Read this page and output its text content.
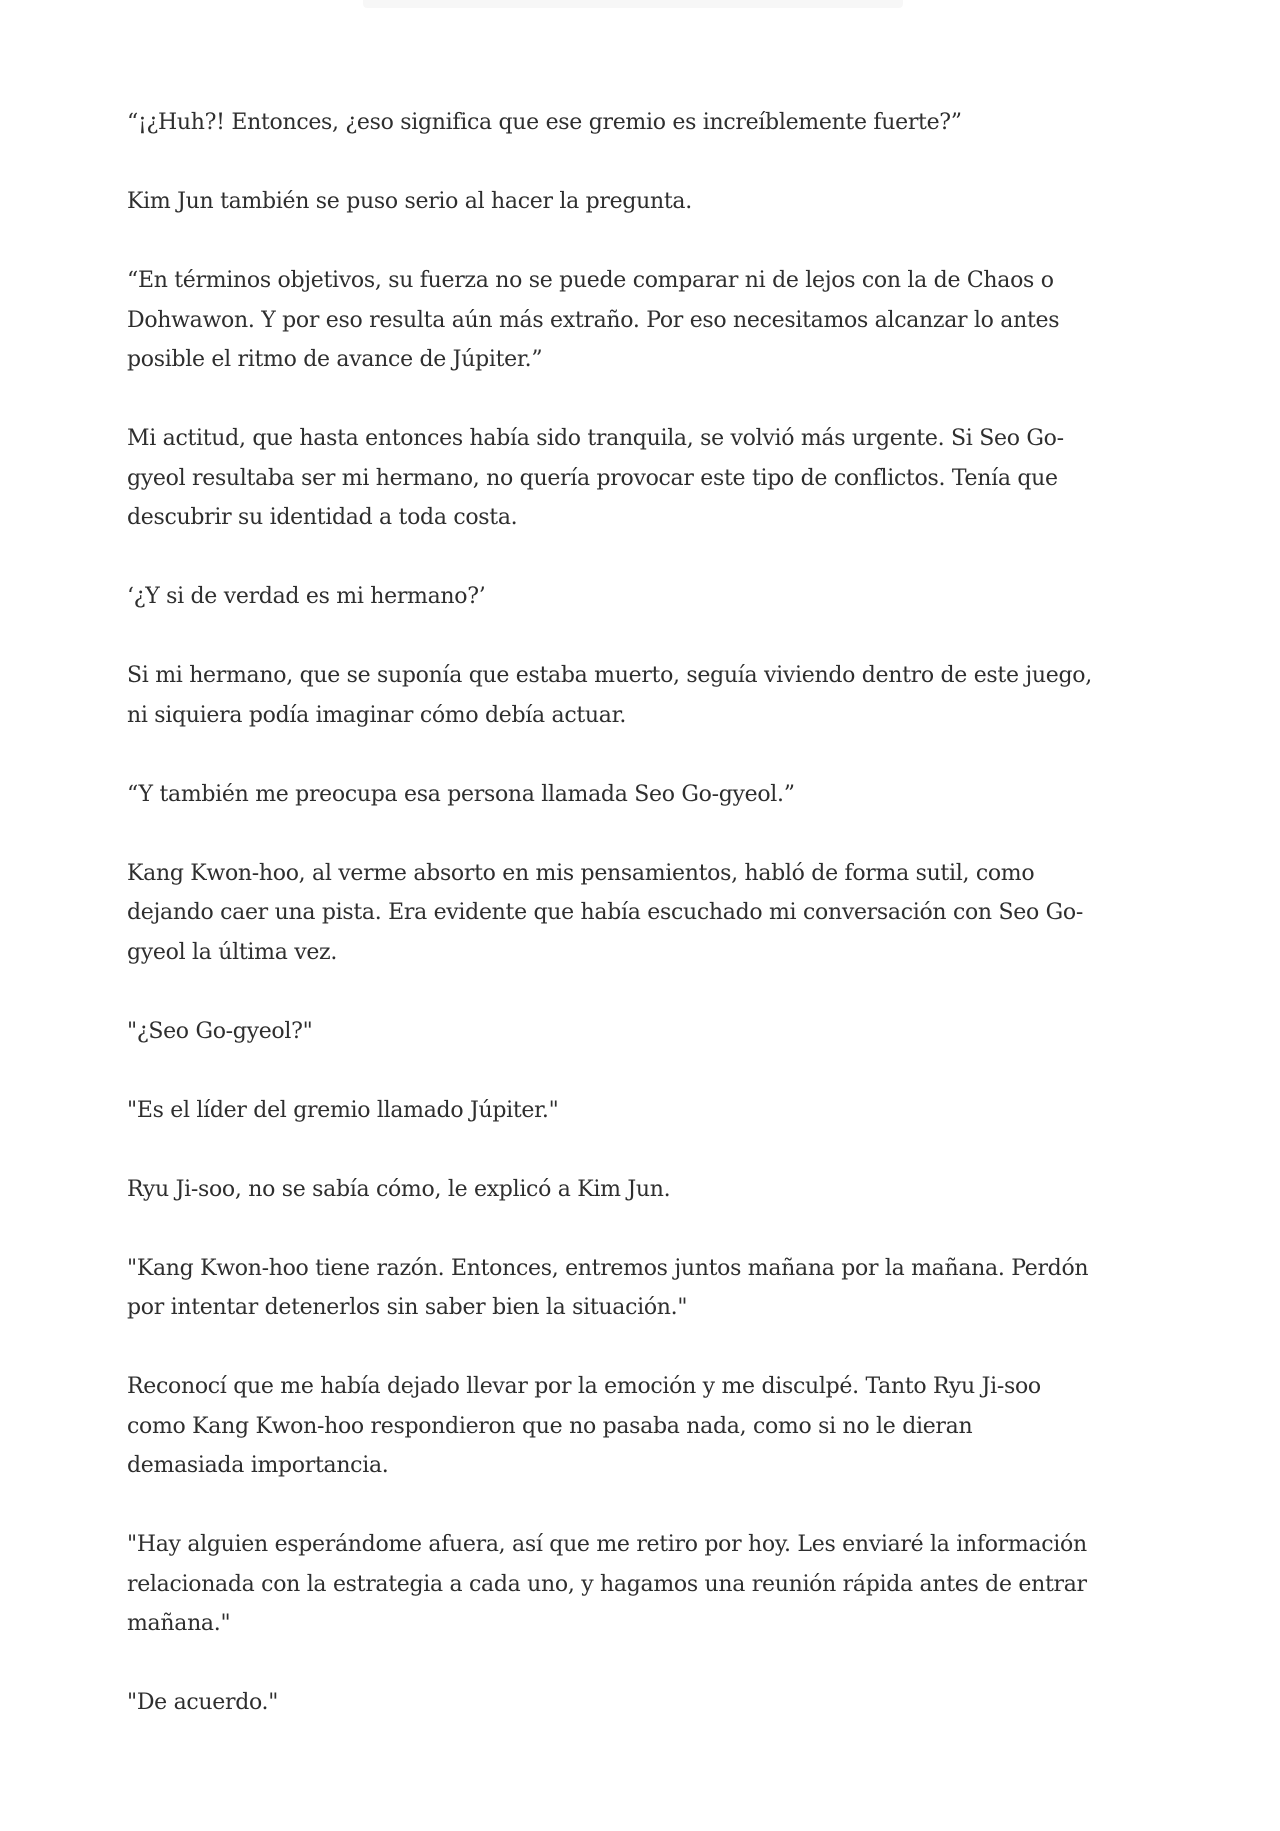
“¡¿Huh?! Entonces, ¿eso significa que ese gremio es increíblemente fuerte?”

Kim Jun también se puso serio al hacer la pregunta.

“En términos objetivos, su fuerza no se puede comparar ni de lejos con la de Chaos o
Dohwawon. Y por eso resulta aún más extraño. Por eso necesitamos alcanzar lo antes
posible el ritmo de avance de Júpiter.”

Mi actitud, que hasta entonces había sido tranquila, se volvió más urgente. Si Seo Go-
gyeol resultaba ser mi hermano, no quería provocar este tipo de conflictos. Tenía que
descubrir su identidad a toda costa.

‘¿Y si de verdad es mi hermano?’

Si mi hermano, que se suponía que estaba muerto, seguía viviendo dentro de este juego,
ni siquiera podía imaginar cómo debía actuar.

“Y también me preocupa esa persona llamada Seo Go-gyeol.”

Kang Kwon-hoo, al verme absorto en mis pensamientos, habló de forma sutil, como
dejando caer una pista. Era evidente que había escuchado mi conversación con Seo Go-
gyeol la última vez.

"¿Seo Go-gyeol?"

"Es el líder del gremio llamado Júpiter."

Ryu Ji-soo, no se sabía cómo, le explicó a Kim Jun.

"Kang Kwon-hoo tiene razón. Entonces, entremos juntos mañana por la mañana. Perdón
por intentar detenerlos sin saber bien la situación."

Reconocí que me había dejado llevar por la emoción y me disculpé. Tanto Ryu Ji-soo
como Kang Kwon-hoo respondieron que no pasaba nada, como si no le dieran
demasiada importancia.

"Hay alguien esperándome afuera, así que me retiro por hoy. Les enviaré la información
relacionada con la estrategia a cada uno, y hagamos una reunión rápida antes de entrar
mañana."

"De acuerdo."
